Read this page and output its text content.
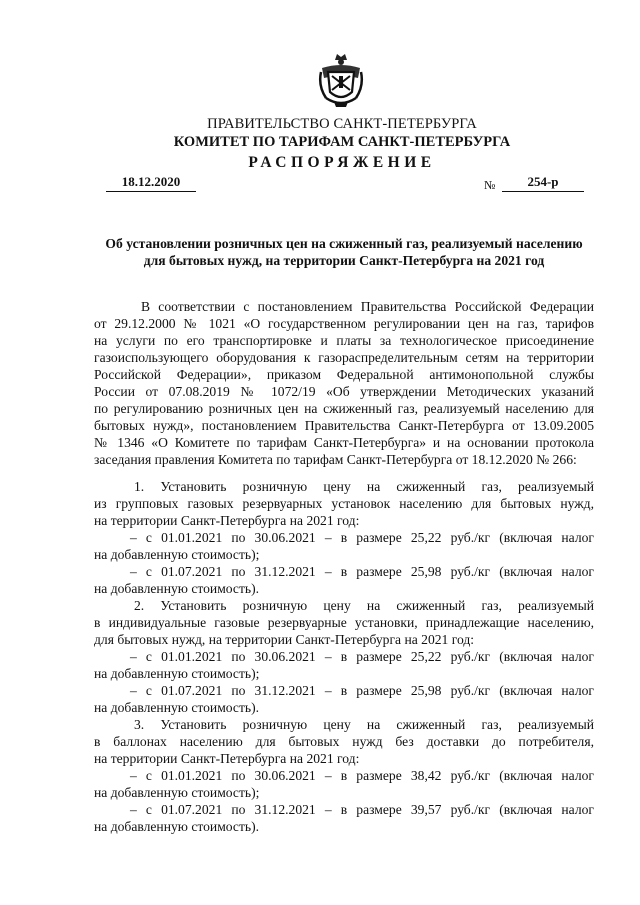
ПРАВИТЕЛЬСТВО САНКТ-ПЕТЕРБУРГА
КОМИТЕТ ПО ТАРИФАМ САНКТ-ПЕТЕРБУРГА
РАСПОРЯЖЕНИЕ
18.12.2020	№	254-р
Об установлении розничных цен на сжиженный газ, реализуемый населению
для бытовых нужд, на территории Санкт-Петербурга на 2021 год
В соответствии с постановлением Правительства Российской Федерации
от 29.12.2000 № 1021 «О государственном регулировании цен на газ, тарифов
на услуги по его транспортировке и платы за технологическое присоединение
газоиспользующего оборудования к газораспределительным сетям на территории
Российской Федерации», приказом Федеральной антимонопольной службы
России от 07.08.2019 № 1072/19 «Об утверждении Методических указаний
по регулированию розничных цен на сжиженный газ, реализуемый населению для
бытовых нужд», постановлением Правительства Санкт-Петербурга от 13.09.2005
№ 1346 «О Комитете по тарифам Санкт-Петербурга» и на основании протокола
заседания правления Комитета по тарифам Санкт-Петербурга от 18.12.2020 № 266:
1. Установить розничную цену на сжиженный газ, реализуемый
из групповых газовых резервуарных установок населению для бытовых нужд,
на территории Санкт-Петербурга на 2021 год:
– с 01.01.2021 по 30.06.2021 – в размере 25,22 руб./кг (включая налог
на добавленную стоимость);
– с 01.07.2021 по 31.12.2021 – в размере 25,98 руб./кг (включая налог
на добавленную стоимость).
2. Установить розничную цену на сжиженный газ, реализуемый
в индивидуальные газовые резервуарные установки, принадлежащие населению,
для бытовых нужд, на территории Санкт-Петербурга на 2021 год:
– с 01.01.2021 по 30.06.2021 – в размере 25,22 руб./кг (включая налог
на добавленную стоимость);
– с 01.07.2021 по 31.12.2021 – в размере 25,98 руб./кг (включая налог
на добавленную стоимость).
3. Установить розничную цену на сжиженный газ, реализуемый
в баллонах населению для бытовых нужд без доставки до потребителя,
на территории Санкт-Петербурга на 2021 год:
– с 01.01.2021 по 30.06.2021 – в размере 38,42 руб./кг (включая налог
на добавленную стоимость);
– с 01.07.2021 по 31.12.2021 – в размере 39,57 руб./кг (включая налог
на добавленную стоимость).
